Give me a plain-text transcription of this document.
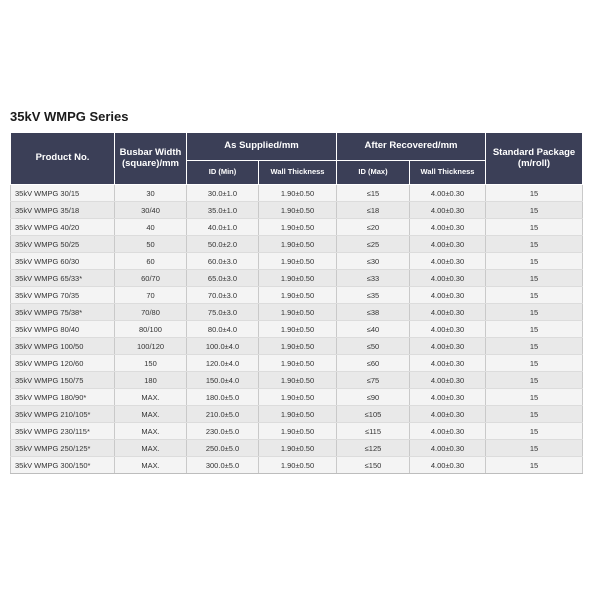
35kV WMPG Series
Product No.	Busbar Width (square)/mm	As Supplied/mm		After Recovered/mm		Standard Package (m/roll)
		ID (Min)	Wall Thickness	ID (Max)	Wall Thickness	
35kV WMPG 30/15	30	30.0±1.0	1.90±0.50	≤15	4.00±0.30	15
35kV WMPG 35/18	30/40	35.0±1.0	1.90±0.50	≤18	4.00±0.30	15
35kV WMPG 40/20	40	40.0±1.0	1.90±0.50	≤20	4.00±0.30	15
35kV WMPG 50/25	50	50.0±2.0	1.90±0.50	≤25	4.00±0.30	15
35kV WMPG 60/30	60	60.0±3.0	1.90±0.50	≤30	4.00±0.30	15
35kV WMPG 65/33*	60/70	65.0±3.0	1.90±0.50	≤33	4.00±0.30	15
35kV WMPG 70/35	70	70.0±3.0	1.90±0.50	≤35	4.00±0.30	15
35kV WMPG 75/38*	70/80	75.0±3.0	1.90±0.50	≤38	4.00±0.30	15
35kV WMPG 80/40	80/100	80.0±4.0	1.90±0.50	≤40	4.00±0.30	15
35kV WMPG 100/50	100/120	100.0±4.0	1.90±0.50	≤50	4.00±0.30	15
35kV WMPG 120/60	150	120.0±4.0	1.90±0.50	≤60	4.00±0.30	15
35kV WMPG 150/75	180	150.0±4.0	1.90±0.50	≤75	4.00±0.30	15
35kV WMPG 180/90*	MAX.	180.0±5.0	1.90±0.50	≤90	4.00±0.30	15
35kV WMPG 210/105*	MAX.	210.0±5.0	1.90±0.50	≤105	4.00±0.30	15
35kV WMPG 230/115*	MAX.	230.0±5.0	1.90±0.50	≤115	4.00±0.30	15
35kV WMPG 250/125*	MAX.	250.0±5.0	1.90±0.50	≤125	4.00±0.30	15
35kV WMPG 300/150*	MAX.	300.0±5.0	1.90±0.50	≤150	4.00±0.30	15
